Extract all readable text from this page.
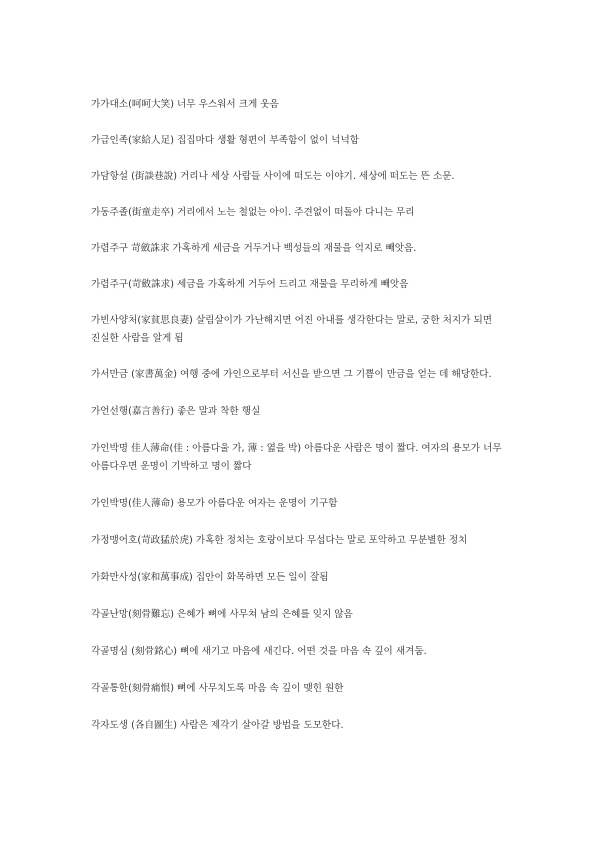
가가대소(呵呵大笑) 너무 우스워서 크게 웃음

가급인족(家給人足) 집집마다 생활 형편이 부족함이 없이 넉넉함

가담항설 (街談巷說) 거리나 세상 사람들 사이에 떠도는 이야기. 세상에 떠도는 뜬 소문.

가동주졸(街童走卒) 거리에서 노는 철없는 아이. 주견없이 떠돌아 다니는 무리

가렴주구 苛斂誅求 가혹하게 세금을 거두거나 백성들의 재물을 억지로 빼앗음.

가렴주구(苛斂誅求) 세금을 가혹하게 거두어 드리고 재물을 무리하게 빼앗음

가빈사양처(家貧思良妻) 살림살이가 가난해지면 어진 아내를 생각한다는 말로, 궁한 처지가 되면 진실한 사람을 알게 됨

가서만금 (家書萬金) 여행 중에 가인으로부터 서신을 받으면 그 기쁨이 만금을 얻는 데 해당한다.

가언선행(嘉言善行) 좋은 말과 착한 행실

가인박명 佳人薄命(佳 : 아름다울 가, 薄 : 엷을 박) 아름다운 사람은 명이 짧다. 여자의 용모가 너무 아름다우면 운명이 기박하고 명이 짧다

가인박명(佳人薄命) 용모가 아름다운 여자는 운명이 기구함

가정맹어호(苛政猛於虎) 가혹한 정치는 호랑이보다 무섭다는 말로 포악하고 무분별한 정치

가화만사성(家和萬事成) 집안이 화목하면 모든 일이 잘됨

각골난망(刻骨難忘) 은혜가 뼈에 사무쳐 남의 은혜를 잊지 않음

각골명심 (刻骨銘心) 뼈에 새기고 마음에 새긴다. 어떤 것을 마음 속 깊이 새겨둠.

각골통한(刻骨痛恨) 뼈에 사무치도록 마음 속 깊이 맺힌 원한

각자도생 (各自圖生) 사람은 제각기 살아갈 방법을 도모한다.
